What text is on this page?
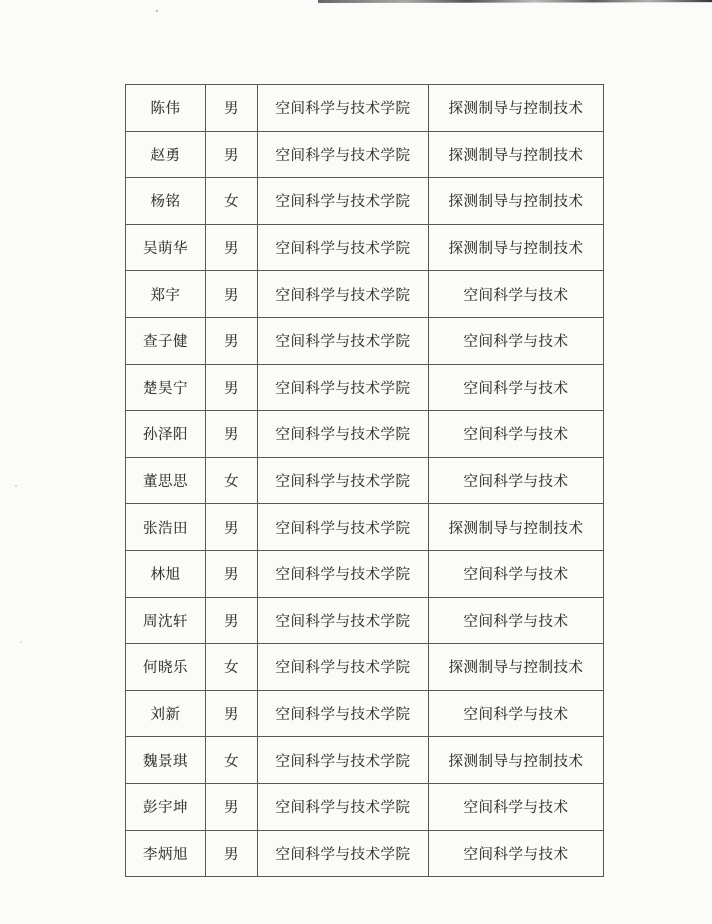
陈伟	男	空间科学与技术学院	探测制导与控制技术
赵勇	男	空间科学与技术学院	探测制导与控制技术
杨铭	女	空间科学与技术学院	探测制导与控制技术
吴萌华	男	空间科学与技术学院	探测制导与控制技术
郑宇	男	空间科学与技术学院	空间科学与技术
查子健	男	空间科学与技术学院	空间科学与技术
楚昊宁	男	空间科学与技术学院	空间科学与技术
孙泽阳	男	空间科学与技术学院	空间科学与技术
董思思	女	空间科学与技术学院	空间科学与技术
张浩田	男	空间科学与技术学院	探测制导与控制技术
林旭	男	空间科学与技术学院	空间科学与技术
周沈轩	男	空间科学与技术学院	空间科学与技术
何晓乐	女	空间科学与技术学院	探测制导与控制技术
刘新	男	空间科学与技术学院	空间科学与技术
魏景琪	女	空间科学与技术学院	探测制导与控制技术
彭宇坤	男	空间科学与技术学院	空间科学与技术
李炳旭	男	空间科学与技术学院	空间科学与技术
